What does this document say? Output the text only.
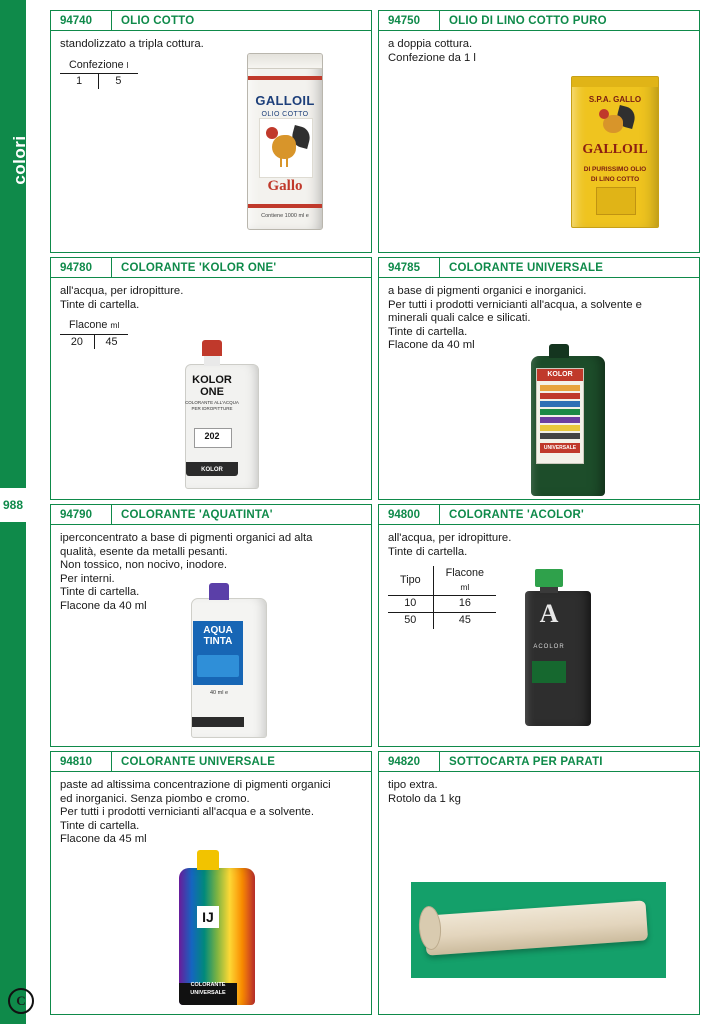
colori
988
94740	OLIO COTTO

standolizzato a tripla cottura.

Confezione l
1	5
GALLOIL
OLIO COTTO
Gallo
Contiene 1000 ml e
94750	OLIO DI LINO COTTO PURO

a doppia cottura.

Confezione da 1 l

S.P.A. GALLO
GALLOIL
DI PURISSIMO OLIO
DI LINO COTTO
94780	COLORANTE 'KOLOR ONE'

all'acqua, per idropitture.

Tinte di cartella.

Flacone ml
20	45
KOLOR
ONE
COLORANTE ALL'ACQUA PER IDROPITTURE
202
KOLOR
94785	COLORANTE UNIVERSALE

a base di pigmenti organici e inorganici.

Per tutti i prodotti vernicianti all'acqua, a solvente e

minerali quali calce e silicati.

Tinte di cartella.

Flacone da 40 ml

KOLOR
UNIVERSALE
94790	COLORANTE 'AQUATINTA'

iperconcentrato a base di pigmenti organici ad alta

qualità, esente da metalli pesanti.

Non tossico, non nocivo, inodore.

Per interni.

Tinte di cartella.

Flacone da 40 ml

AQUA
TINTA
40 ml e
94800	COLORANTE 'ACOLOR'

all'acqua, per idropitture.

Tinte di cartella.

Tipo	Flacone
ml
10	16
50	45	A
ACOLOR
94810	COLORANTE UNIVERSALE

paste ad altissima concentrazione di pigmenti organici

ed inorganici. Senza piombo e cromo.

Per tutti i prodotti vernicianti all'acqua e a solvente.

Tinte di cartella.

Flacone da 45 ml

COLORANTE
UNIVERSALE
IJ
94820	SOTTOCARTA PER PARATI

tipo extra.

Rotolo da 1 kg

C
